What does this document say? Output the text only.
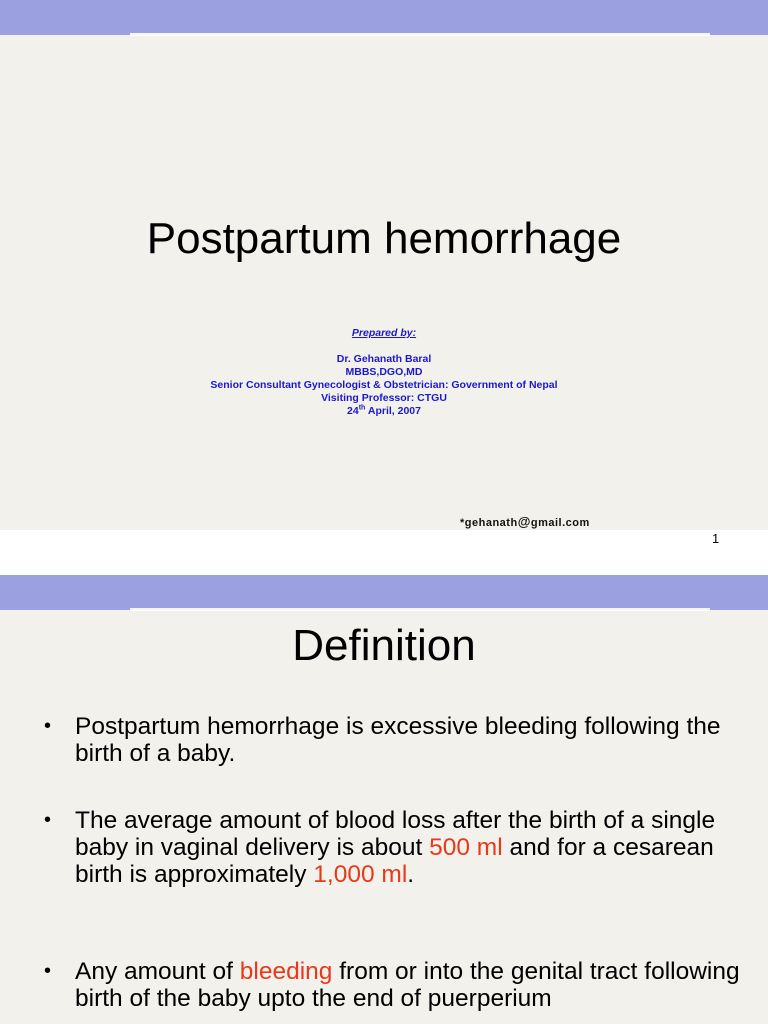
Postpartum hemorrhage
Prepared by:
Dr. Gehanath Baral
MBBS,DGO,MD
Senior Consultant Gynecologist & Obstetrician: Government of Nepal
Visiting Professor: CTGU
24th April, 2007
*gehanath@gmail.com
1
Definition
• Postpartum hemorrhage is excessive bleeding following the birth of a baby.
• The average amount of blood loss after the birth of a single baby in vaginal delivery is about 500 ml and for a cesarean birth is approximately 1,000 ml.
• Any amount of bleeding from or into the genital tract following birth of the baby upto the end of puerperium
